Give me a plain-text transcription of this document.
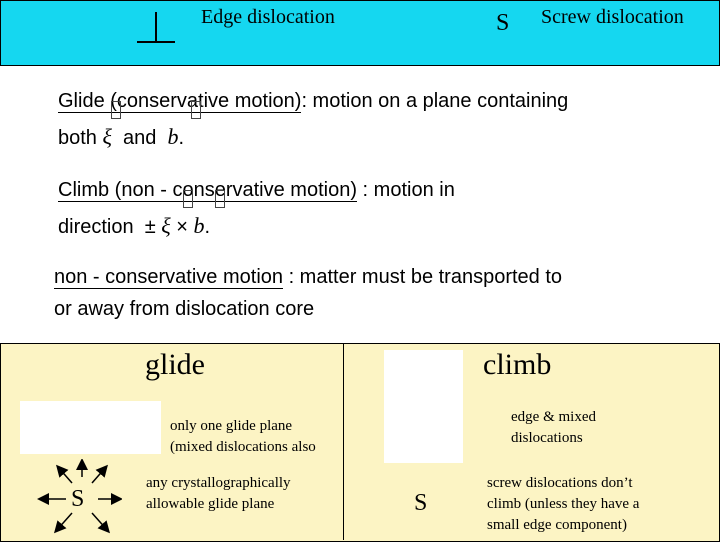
Edge dislocation	S Screw dislocation
Glide (conservative motion): motion on a plane containing
both
ξ  and
b.
Climb (non - conservative motion) : motion in
direction  ±
ξ ×
b.
non - conservative motion : matter must be transported to
or away from dislocation core
glide	climb
only one glide plane
(mixed dislocations also
edge & mixed
dislocations
S	S
any crystallographically
allowable glide plane
screw dislocations don’t
climb (unless they have a
small edge component)
